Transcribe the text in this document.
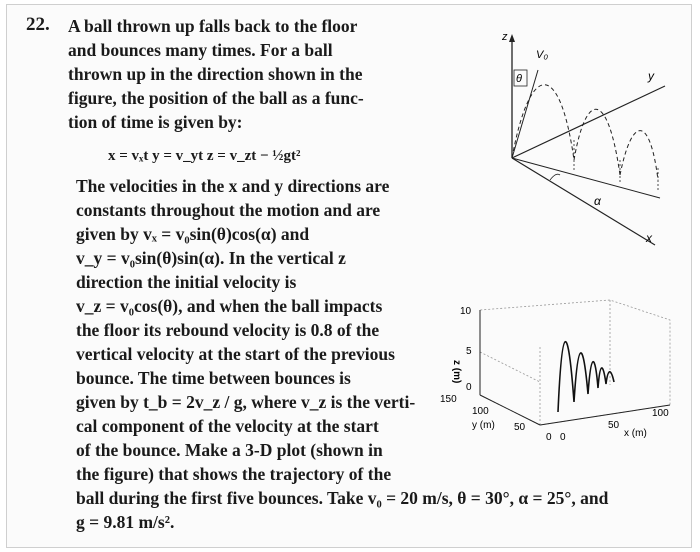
22. A ball thrown up falls back to the floor
and bounces many times. For a ball
thrown up in the direction shown in the
figure, the position of the ball as a func-
tion of time is given by:
x = vₓt y = v_yt z = v_zt − ½gt²
The velocities in the x and y directions are
constants throughout the motion and are
given by vₓ = v₀sin(θ)cos(α) and
v_y = v₀sin(θ)sin(α). In the vertical z
direction the initial velocity is
v_z = v₀cos(θ), and when the ball impacts
the floor its rebound velocity is 0.8 of the
vertical velocity at the start of the previous
bounce. The time between bounces is
given by t_b = 2v_z / g, where v_z is the verti-
cal component of the velocity at the start
of the bounce. Make a 3-D plot (shown in
the figure) that shows the trajectory of the
ball during the first five bounces. Take v₀ = 20 m/s, θ = 30°, α = 25°, and
g = 9.81 m/s².
z
y
x
V₀
θ
α
10
5
0
z (m)
150
100
50
y (m)
0 0
50
100
x (m)
